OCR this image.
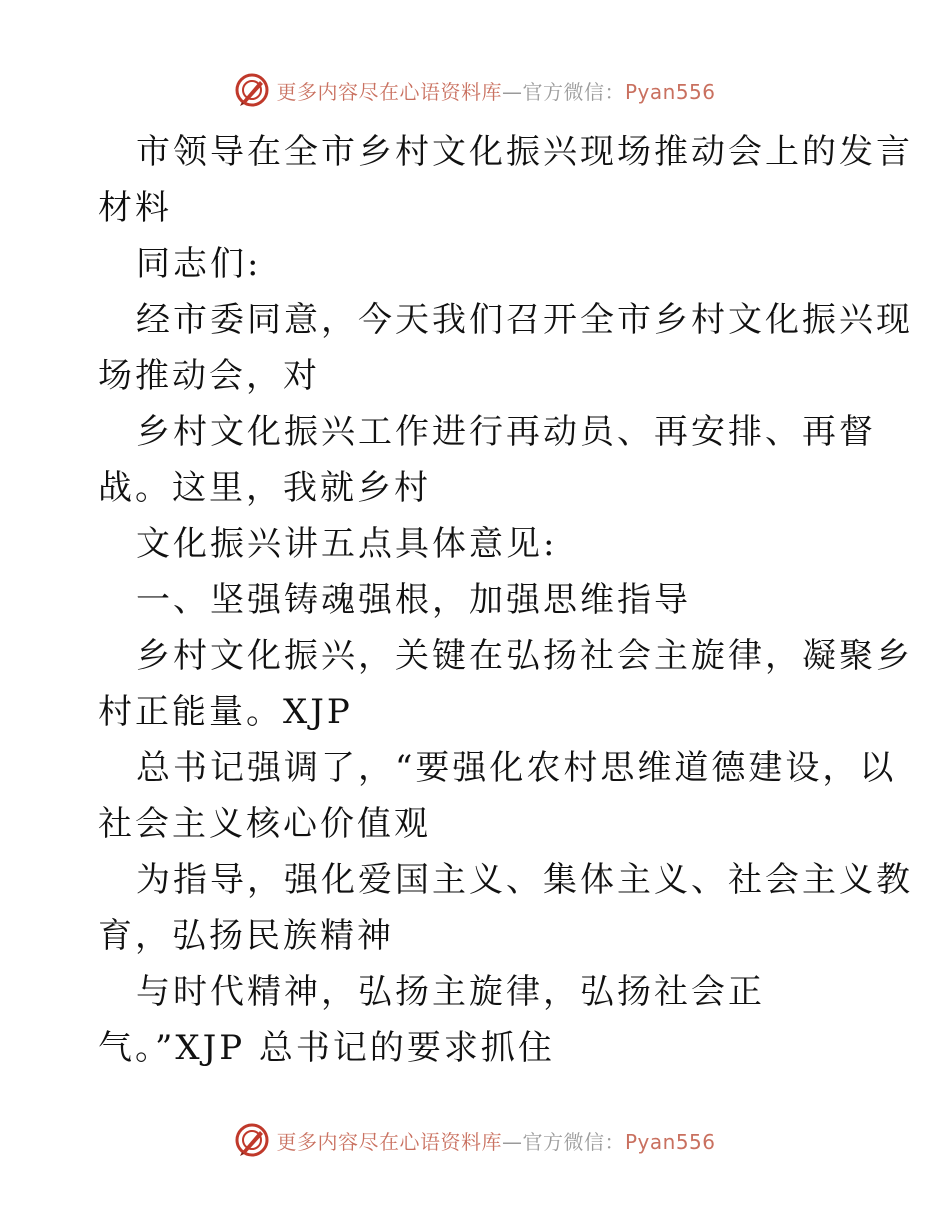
更多内容尽在心语资料库—官方微信：Pyan556
市领导在全市乡村文化振兴现场推动会上的发言
材料
同志们:
经市委同意，今天我们召开全市乡村文化振兴现
场推动会，对
乡村文化振兴工作进行再动员、再安排、再督
战。这里，我就乡村
文化振兴讲五点具体意见:
一、坚强铸魂强根，加强思维指导
乡村文化振兴，关键在弘扬社会主旋律，凝聚乡
村正能量。XJP
总书记强调了，“要强化农村思维道德建设，以
社会主义核心价值观
为指导，强化爱国主义、集体主义、社会主义教
育，弘扬民族精神
与时代精神，弘扬主旋律，弘扬社会正
气。”XJP 总书记的要求抓住
更多内容尽在心语资料库—官方微信：Pyan556
